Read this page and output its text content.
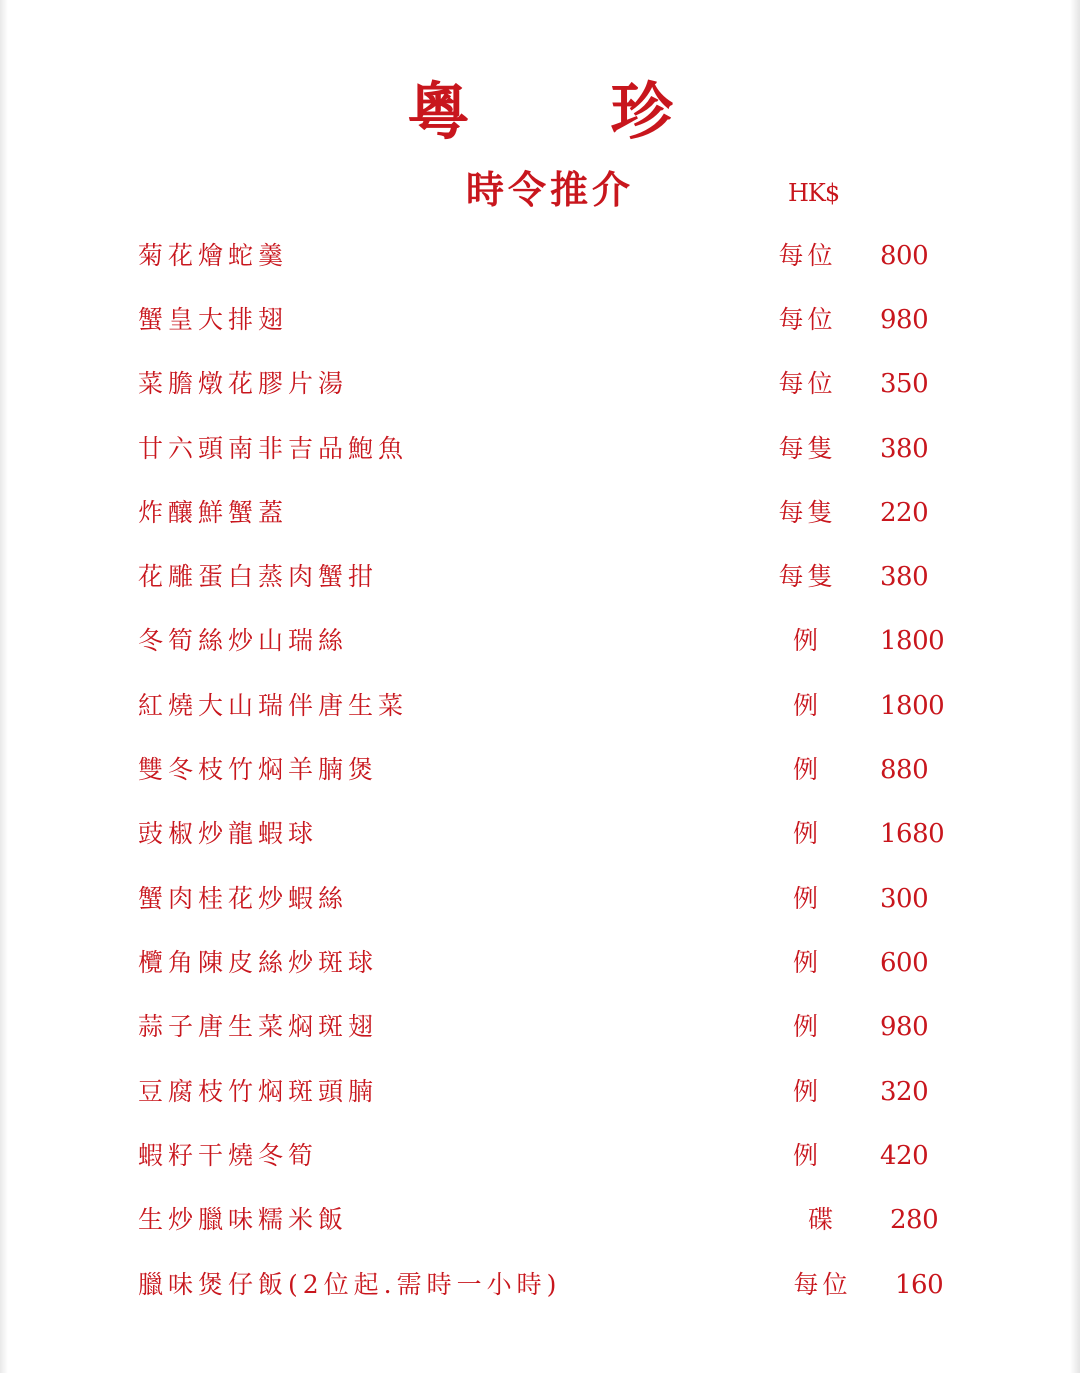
粵 珍
時令推介	HK$
菊花燴蛇羹	每位	800
蟹皇大排翅	每位	980
菜膽燉花膠片湯	每位	350
廿六頭南非吉品鮑魚	每隻	380
炸釀鮮蟹蓋	每隻	220
花雕蛋白蒸肉蟹拑	每隻	380
冬筍絲炒山瑞絲	例	1800
紅燒大山瑞伴唐生菜	例	1800
雙冬枝竹焖羊腩煲	例	880
豉椒炒龍蝦球	例	1680
蟹肉桂花炒蝦絲	例	300
欖角陳皮絲炒斑球	例	600
蒜子唐生菜焖斑翅	例	980
豆腐枝竹焖斑頭腩	例	320
蝦籽干燒冬筍	例	420
生炒臘味糯米飯	碟	280
臘味煲仔飯(2位起.需時一小時)	每位	160
